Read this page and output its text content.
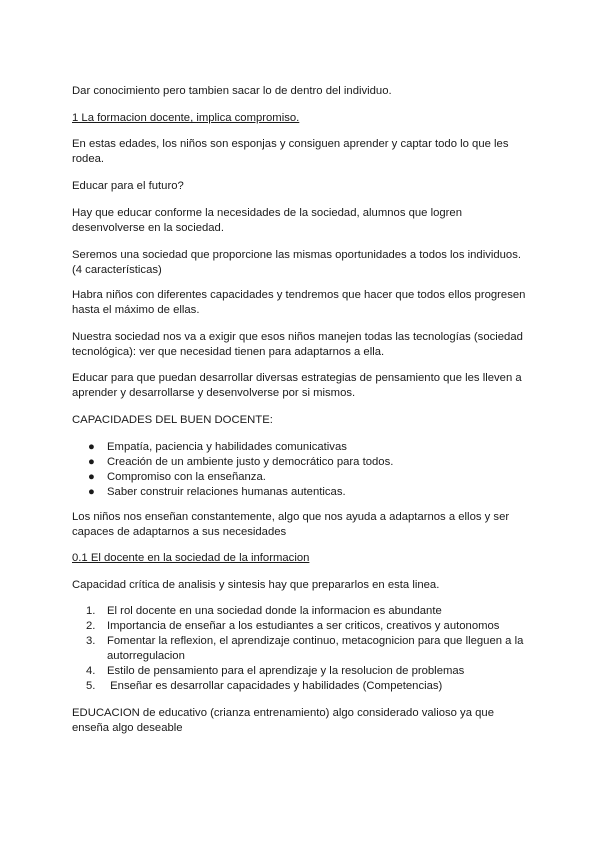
Dar conocimiento pero tambien sacar lo de dentro del individuo.

1 La formacion docente, implica compromiso.

En estas edades, los niños son esponjas y consiguen aprender y captar todo lo que les rodea.

Educar para el futuro?

Hay que educar conforme la necesidades de la sociedad, alumnos que logren desenvolverse en la sociedad.

Seremos una sociedad que proporcione las mismas oportunidades a todos los individuos. (4 características)

Habra niños con diferentes capacidades y tendremos que hacer que todos ellos progresen hasta el máximo de ellas.

Nuestra sociedad nos va a exigir que esos niños manejen todas las tecnologías (sociedad tecnológica): ver que necesidad tienen para adaptarnos a ella.

Educar para que puedan desarrollar diversas estrategias de pensamiento que les lleven a aprender y desarrollarse y desenvolverse por si mismos.

CAPACIDADES DEL BUEN DOCENTE:

● Empatía, paciencia y habilidades comunicativas
● Creación de un ambiente justo y democrático para todos.
● Compromiso con la enseñanza.
● Saber construir relaciones humanas autenticas.

Los niños nos enseñan constantemente, algo que nos ayuda a adaptarnos a ellos y ser capaces de adaptarnos a sus necesidades

0.1 El docente en la sociedad de la informacion

Capacidad crítica de analisis y sintesis hay que prepararlos en esta linea.

1. El rol docente en una sociedad donde la informacion es abundante
2. Importancia de enseñar a los estudiantes a ser criticos, creativos y autonomos
3. Fomentar la reflexion, el aprendizaje continuo, metacognicion para que lleguen a la autorregulacion
4. Estilo de pensamiento para el aprendizaje y la resolucion de problemas
5. Enseñar es desarrollar capacidades y habilidades (Competencias)

EDUCACION de educativo (crianza entrenamiento) algo considerado valioso ya que enseña algo deseable
